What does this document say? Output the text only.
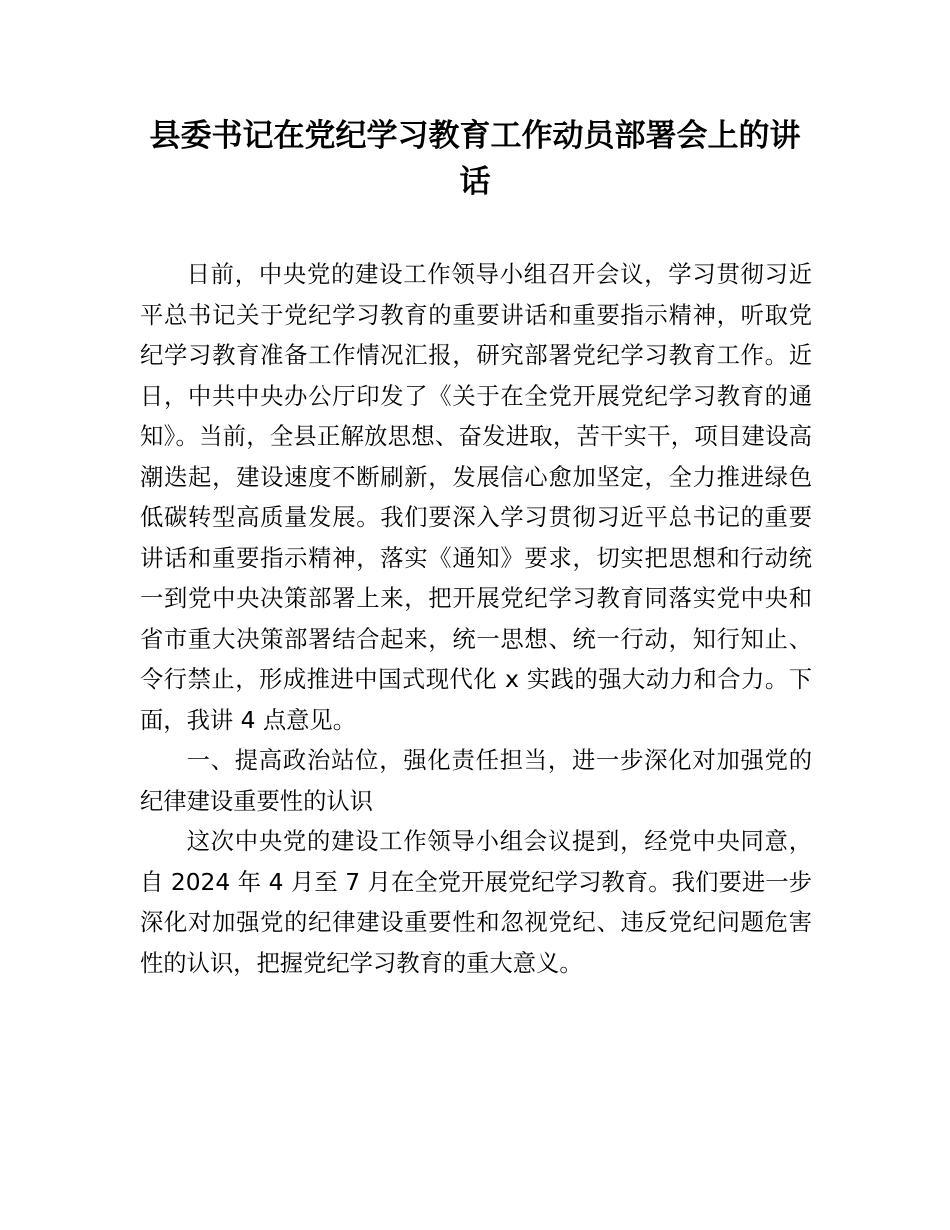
县委书记在党纪学习教育工作动员部署会上的讲话

日前，中央党的建设工作领导小组召开会议，学习贯彻习近平总书记关于党纪学习教育的重要讲话和重要指示精神，听取党纪学习教育准备工作情况汇报，研究部署党纪学习教育工作。近日，中共中央办公厅印发了《关于在全党开展党纪学习教育的通知》。当前，全县正解放思想、奋发进取，苦干实干，项目建设高潮迭起，建设速度不断刷新，发展信心愈加坚定，全力推进绿色低碳转型高质量发展。我们要深入学习贯彻习近平总书记的重要讲话和重要指示精神，落实《通知》要求，切实把思想和行动统一到党中央决策部署上来，把开展党纪学习教育同落实党中央和省市重大决策部署结合起来，统一思想、统一行动，知行知止、令行禁止，形成推进中国式现代化 x 实践的强大动力和合力。下面，我讲 4 点意见。

一、提高政治站位，强化责任担当，进一步深化对加强党的纪律建设重要性的认识

这次中央党的建设工作领导小组会议提到，经党中央同意，自 2024 年 4 月至 7 月在全党开展党纪学习教育。我们要进一步深化对加强党的纪律建设重要性和忽视党纪、违反党纪问题危害性的认识，把握党纪学习教育的重大意义。
